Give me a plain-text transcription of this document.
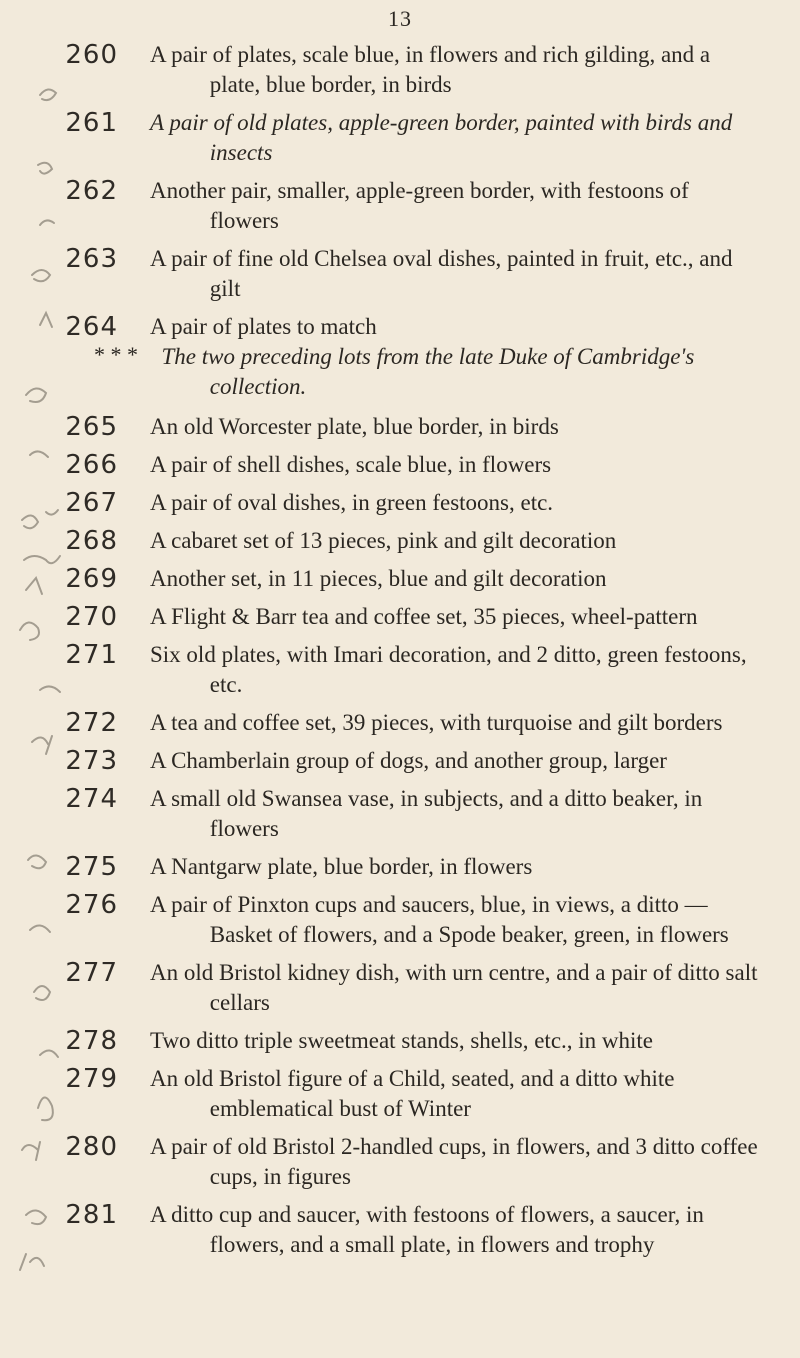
13
260	A pair of plates, scale blue, in flowers and rich gilding, and a plate, blue border, in birds
261	A pair of old plates, apple-green border, painted with birds and insects
262	Another pair, smaller, apple-green border, with festoons of flowers
263	A pair of fine old Chelsea oval dishes, painted in fruit, etc., and gilt
264	A pair of plates to match
* * *	The two preceding lots from the late Duke of Cambridge's collection.
265	An old Worcester plate, blue border, in birds
266	A pair of shell dishes, scale blue, in flowers
267	A pair of oval dishes, in green festoons, etc.
268	A cabaret set of 13 pieces, pink and gilt decoration
269	Another set, in 11 pieces, blue and gilt decoration
270	A Flight & Barr tea and coffee set, 35 pieces, wheel-pattern
271	Six old plates, with Imari decoration, and 2 ditto, green festoons, etc.
272	A tea and coffee set, 39 pieces, with turquoise and gilt borders
273	A Chamberlain group of dogs, and another group, larger
274	A small old Swansea vase, in subjects, and a ditto beaker, in flowers
275	A Nantgarw plate, blue border, in flowers
276	A pair of Pinxton cups and saucers, blue, in views, a ditto —Basket of flowers, and a Spode beaker, green, in flowers
277	An old Bristol kidney dish, with urn centre, and a pair of ditto salt cellars
278	Two ditto triple sweetmeat stands, shells, etc., in white
279	An old Bristol figure of a Child, seated, and a ditto white emblematical bust of Winter
280	A pair of old Bristol 2-handled cups, in flowers, and 3 ditto coffee cups, in figures
281	A ditto cup and saucer, with festoons of flowers, a saucer, in flowers, and a small plate, in flowers and trophy
